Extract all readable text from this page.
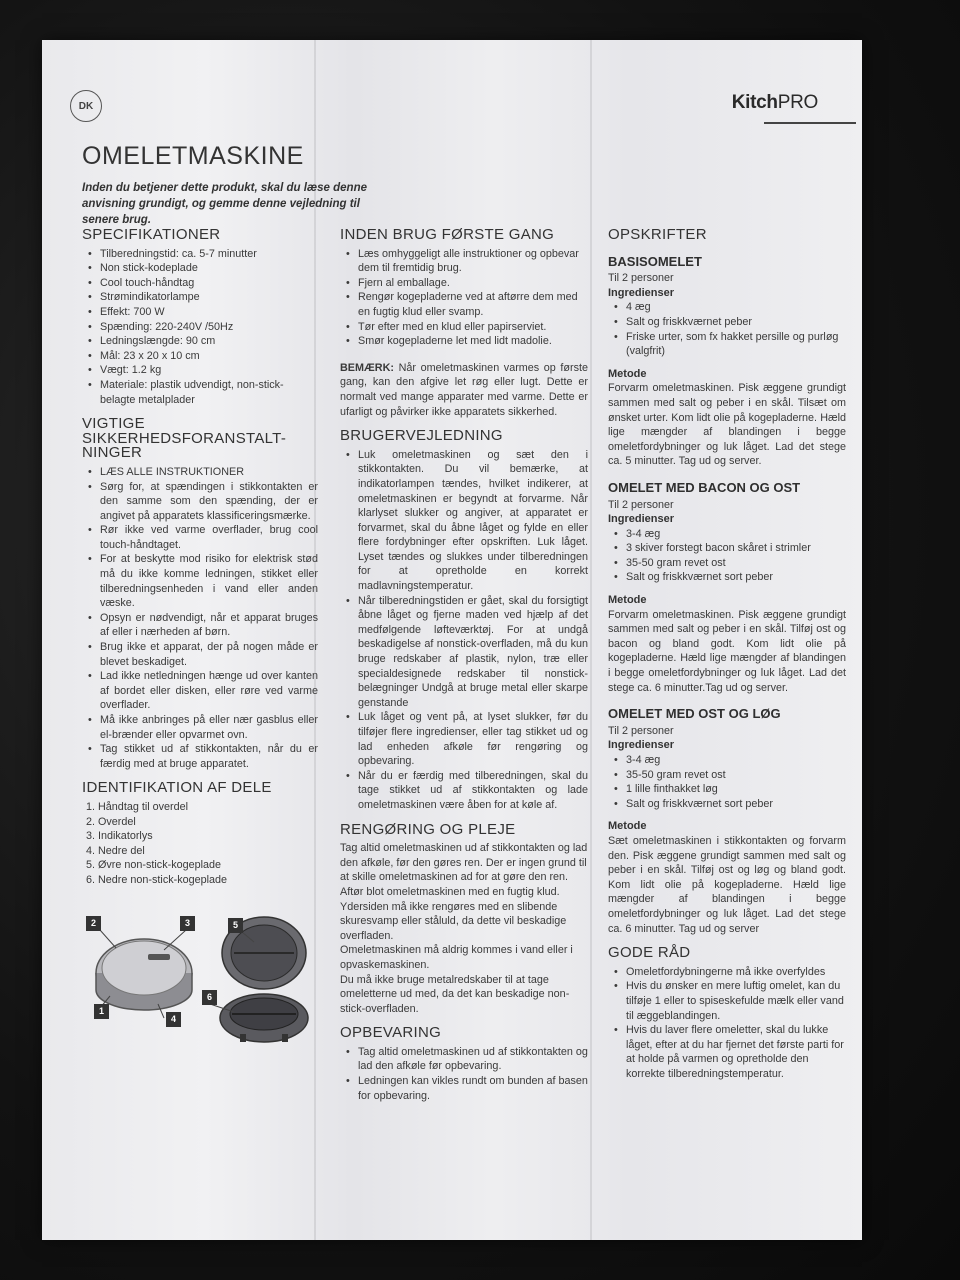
DK	KitchPRO
OMELETMASKINE
Inden du betjener dette produkt, skal du læse denne anvisning grundigt, og gemme denne vejledning til senere brug.
SPECIFIKATIONER
• Tilberedningstid: ca. 5-7 minutter
• Non stick-kodeplade
• Cool touch-håndtag
• Strømindikatorlampe
• Effekt: 700 W
• Spænding: 220-240V /50Hz
• Ledningslængde: 90 cm
• Mål: 23 x 20 x 10 cm
• Vægt: 1.2 kg
• Materiale: plastik udvendigt, non-stick-belagte metalplader
VIGTIGE SIKKERHEDSFORANSTALT-NINGER
• LÆS ALLE INSTRUKTIONER
• Sørg for, at spændingen i stikkontakten er den samme som den spænding, der er angivet på apparatets klassificeringsmærke.
• Rør ikke ved varme overflader, brug cool touch-håndtaget.
• For at beskytte mod risiko for elektrisk stød må du ikke komme ledningen, stikket eller tilberedningsenheden i vand eller anden væske.
• Opsyn er nødvendigt, når et apparat bruges af eller i nærheden af børn.
• Brug ikke et apparat, der på nogen måde er blevet beskadiget.
• Lad ikke netledningen hænge ud over kanten af bordet eller disken, eller røre ved varme overflader.
• Må ikke anbringes på eller nær gasblus eller el-brænder eller opvarmet ovn.
• Tag stikket ud af stikkontakten, når du er færdig med at bruge apparatet.
IDENTIFIKATION AF DELE
1. Håndtag til overdel
2. Overdel
3. Indikatorlys
4. Nedre del
5. Øvre non-stick-kogeplade
6. Nedre non-stick-kogeplade
2	3	5
1
4
6
INDEN BRUG FØRSTE GANG
• Læs omhyggeligt alle instruktioner og opbevar dem til fremtidig brug.
• Fjern al emballage.
• Rengør kogepladerne ved at aftørre dem med en fugtig klud eller svamp.
• Tør efter med en klud eller papirserviet.
• Smør kogepladerne let med lidt madolie.

BEMÆRK: Når omeletmaskinen varmes op første gang, kan den afgive let røg eller lugt. Dette er normalt ved mange apparater med varme. Dette er ufarligt og påvirker ikke apparatets sikkerhed.

BRUGERVEJLEDNING
• Luk omeletmaskinen og sæt den i stikkontakten. Du vil bemærke, at indikatorlampen tændes, hvilket indikerer, at omeletmaskinen er begyndt at forvarme. Når klarlyset slukker og angiver, at apparatet er forvarmet, skal du åbne låget og fylde en eller flere fordybninger efter opskriften. Luk låget. Lyset tændes og slukkes under tilberedningen for at opretholde en korrekt madlavningstemperatur.
• Når tilberedningstiden er gået, skal du forsigtigt åbne låget og fjerne maden ved hjælp af det medfølgende løfteværktøj. For at undgå beskadigelse af nonstick-overfladen, må du kun bruge redskaber af plastik, nylon, træ eller specialdesignede redskaber til nonstick-belægninger Undgå at bruge metal eller skarpe genstande
• Luk låget og vent på, at lyset slukker, før du tilføjer flere ingredienser, eller tag stikket ud og lad enheden afkøle før rengøring og opbevaring.
• Når du er færdig med tilberedningen, skal du tage stikket ud af stikkontakten og lade omeletmaskinen være åben for at køle af.
RENGØRING OG PLEJE

Tag altid omeletmaskinen ud af stikkontakten og lad den afkøle, før den gøres ren. Der er ingen grund til at skille omeletmaskinen ad for at gøre den ren.

Aftør blot omeletmaskinen med en fugtig klud. Ydersiden må ikke rengøres med en slibende skuresvamp eller ståluld, da dette vil beskadige overfladen.

Omeletmaskinen må aldrig kommes i vand eller i opvaskemaskinen.

Du må ikke bruge metalredskaber til at tage omeletterne ud med, da det kan beskadige non-stick-overfladen.

OPBEVARING
• Tag altid omeletmaskinen ud af stikkontakten og lad den afkøle før opbevaring.
• Ledningen kan vikles rundt om bunden af basen for opbevaring.
OPSKRIFTER
BASISOMELET

Til 2 personer

Ingredienser
• 4 æg
• Salt og friskkværnet peber
• Friske urter, som fx hakket persille og purløg (valgfrit)
Metode

Forvarm omeletmaskinen. Pisk æggene grundigt sammen med salt og peber i en skål. Tilsæt om ønsket urter. Kom lidt olie på kogepladerne. Hæld lige mængder af blandingen i begge omeletfordybninger og luk låget. Lad det stege ca. 5 minutter. Tag ud og server.

OMELET MED BACON OG OST

Til 2 personer

Ingredienser
• 3-4 æg
• 3 skiver forstegt bacon skåret i strimler
• 35-50 gram revet ost
• Salt og friskkværnet sort peber
Metode

Forvarm omeletmaskinen. Pisk æggene grundigt sammen med salt og peber i en skål. Tilføj ost og bacon og bland godt. Kom lidt olie på kogepladerne. Hæld lige mængder af blandingen i begge omeletfordybninger og luk låget. Lad det stege ca. 6 minutter.Tag ud og server.

OMELET MED OST OG LØG

Til 2 personer

Ingredienser
• 3-4 æg
• 35-50 gram revet ost
• 1 lille finthakket løg
• Salt og friskkværnet sort peber
Metode

Sæt omeletmaskinen i stikkontakten og forvarm den. Pisk æggene grundigt sammen med salt og peber i en skål. Tilføj ost og løg og bland godt. Kom lidt olie på kogepladerne. Hæld lige mængder af blandingen i begge omeletfordybninger og luk låget. Lad det stege ca. 6 minutter. Tag ud og server

GODE RÅD
• Omeletfordybningerne må ikke overfyldes
• Hvis du ønsker en mere luftig omelet, kan du tilføje 1 eller to spiseskefulde mælk eller vand til æggeblandingen.
• Hvis du laver flere omeletter, skal du lukke låget, efter at du har fjernet det første parti for at holde på varmen og opretholde den korrekte tilberedningstemperatur.
